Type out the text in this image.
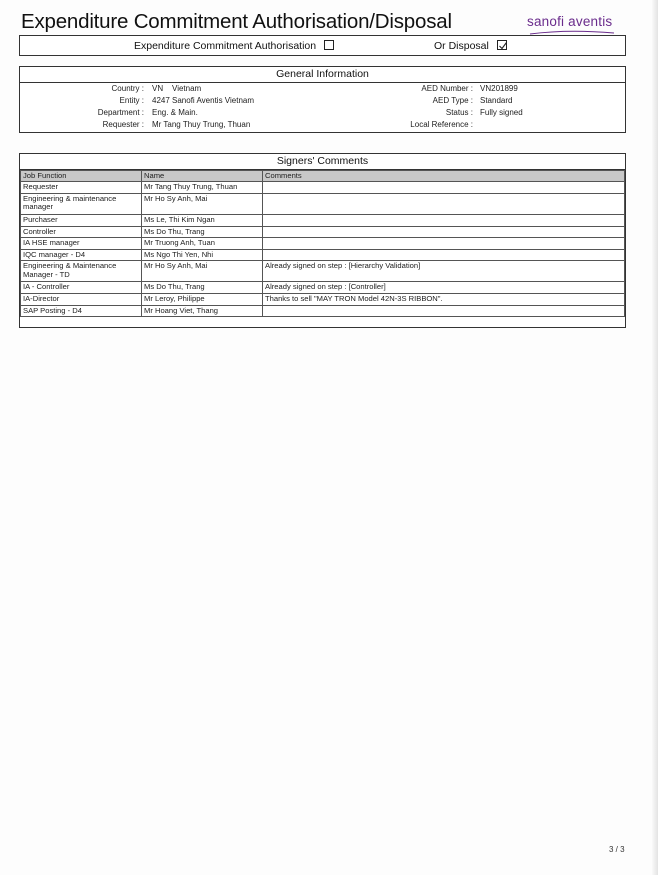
Expenditure Commitment Authorisation/Disposal	sanofi aventis
Expenditure Commitment Authorisation	Or Disposal
General Information
Country : VN    Vietnam	AED Number : VN201899
Entity : 4247 Sanofi Aventis Vietnam	AED Type : Standard
Department : Eng. & Main.	Status : Fully signed
Requester : Mr Tang Thuy Trung, Thuan	Local Reference :
Signers' Comments
Job Function	Name	Comments
Requester	Mr Tang Thuy Trung, Thuan	
Engineering & maintenance manager	Mr Ho Sy Anh, Mai	
Purchaser	Ms Le, Thi Kim Ngan	
Controller	Ms Do Thu, Trang	
IA HSE manager	Mr Truong Anh, Tuan	
IQC manager - D4	Ms Ngo Thi Yen, Nhi	
Engineering & Maintenance Manager - TD	Mr Ho Sy Anh, Mai	Already signed on step : [Hierarchy Validation]
IA - Controller	Ms Do Thu, Trang	Already signed on step : [Controller]
IA-Director	Mr Leroy, Philippe	Thanks to sell "MAY TRON Model 42N-3S RIBBON".
SAP Posting - D4	Mr Hoang Viet, Thang	
3 / 3
